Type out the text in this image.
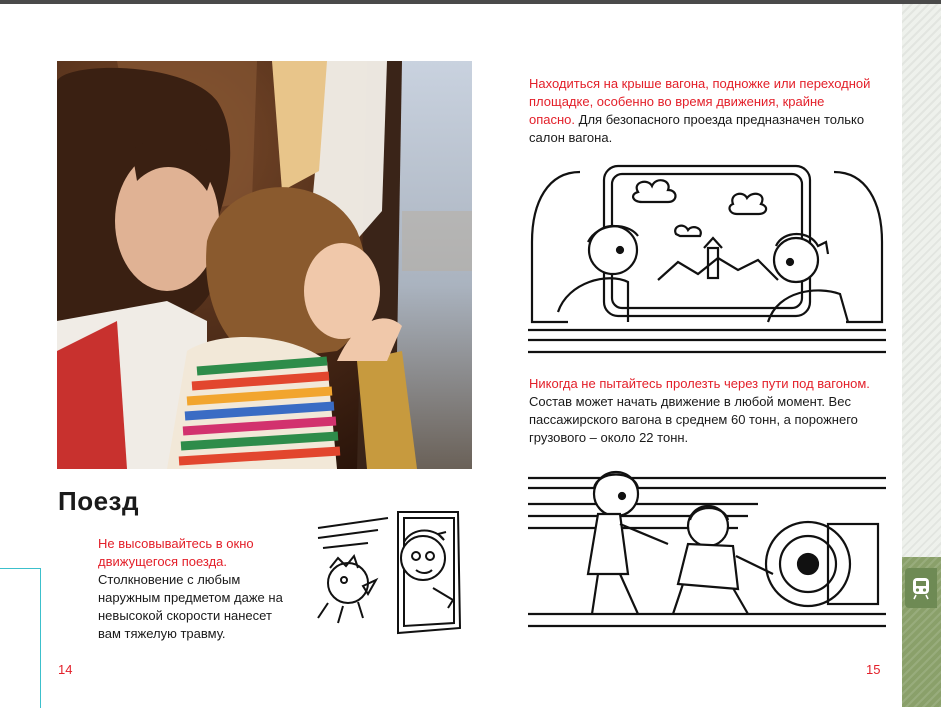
Поезд
Не высовывайтесь в окно движущегося поезда.
Столкновение с любым наружным предметом даже на невысокой скорости нанесет вам тяжелую травму.
Находиться на крыше вагона, подножке или переходной площадке, особенно во время движения, крайне опасно. Для безопасного проезда предназначен только салон вагона.
Никогда не пытайтесь пролезть через пути под вагоном. Состав может начать движение в любой момент. Вес пассажирского вагона в среднем 60 тонн, а порожнего грузового – около 22 тонн.
14	15
